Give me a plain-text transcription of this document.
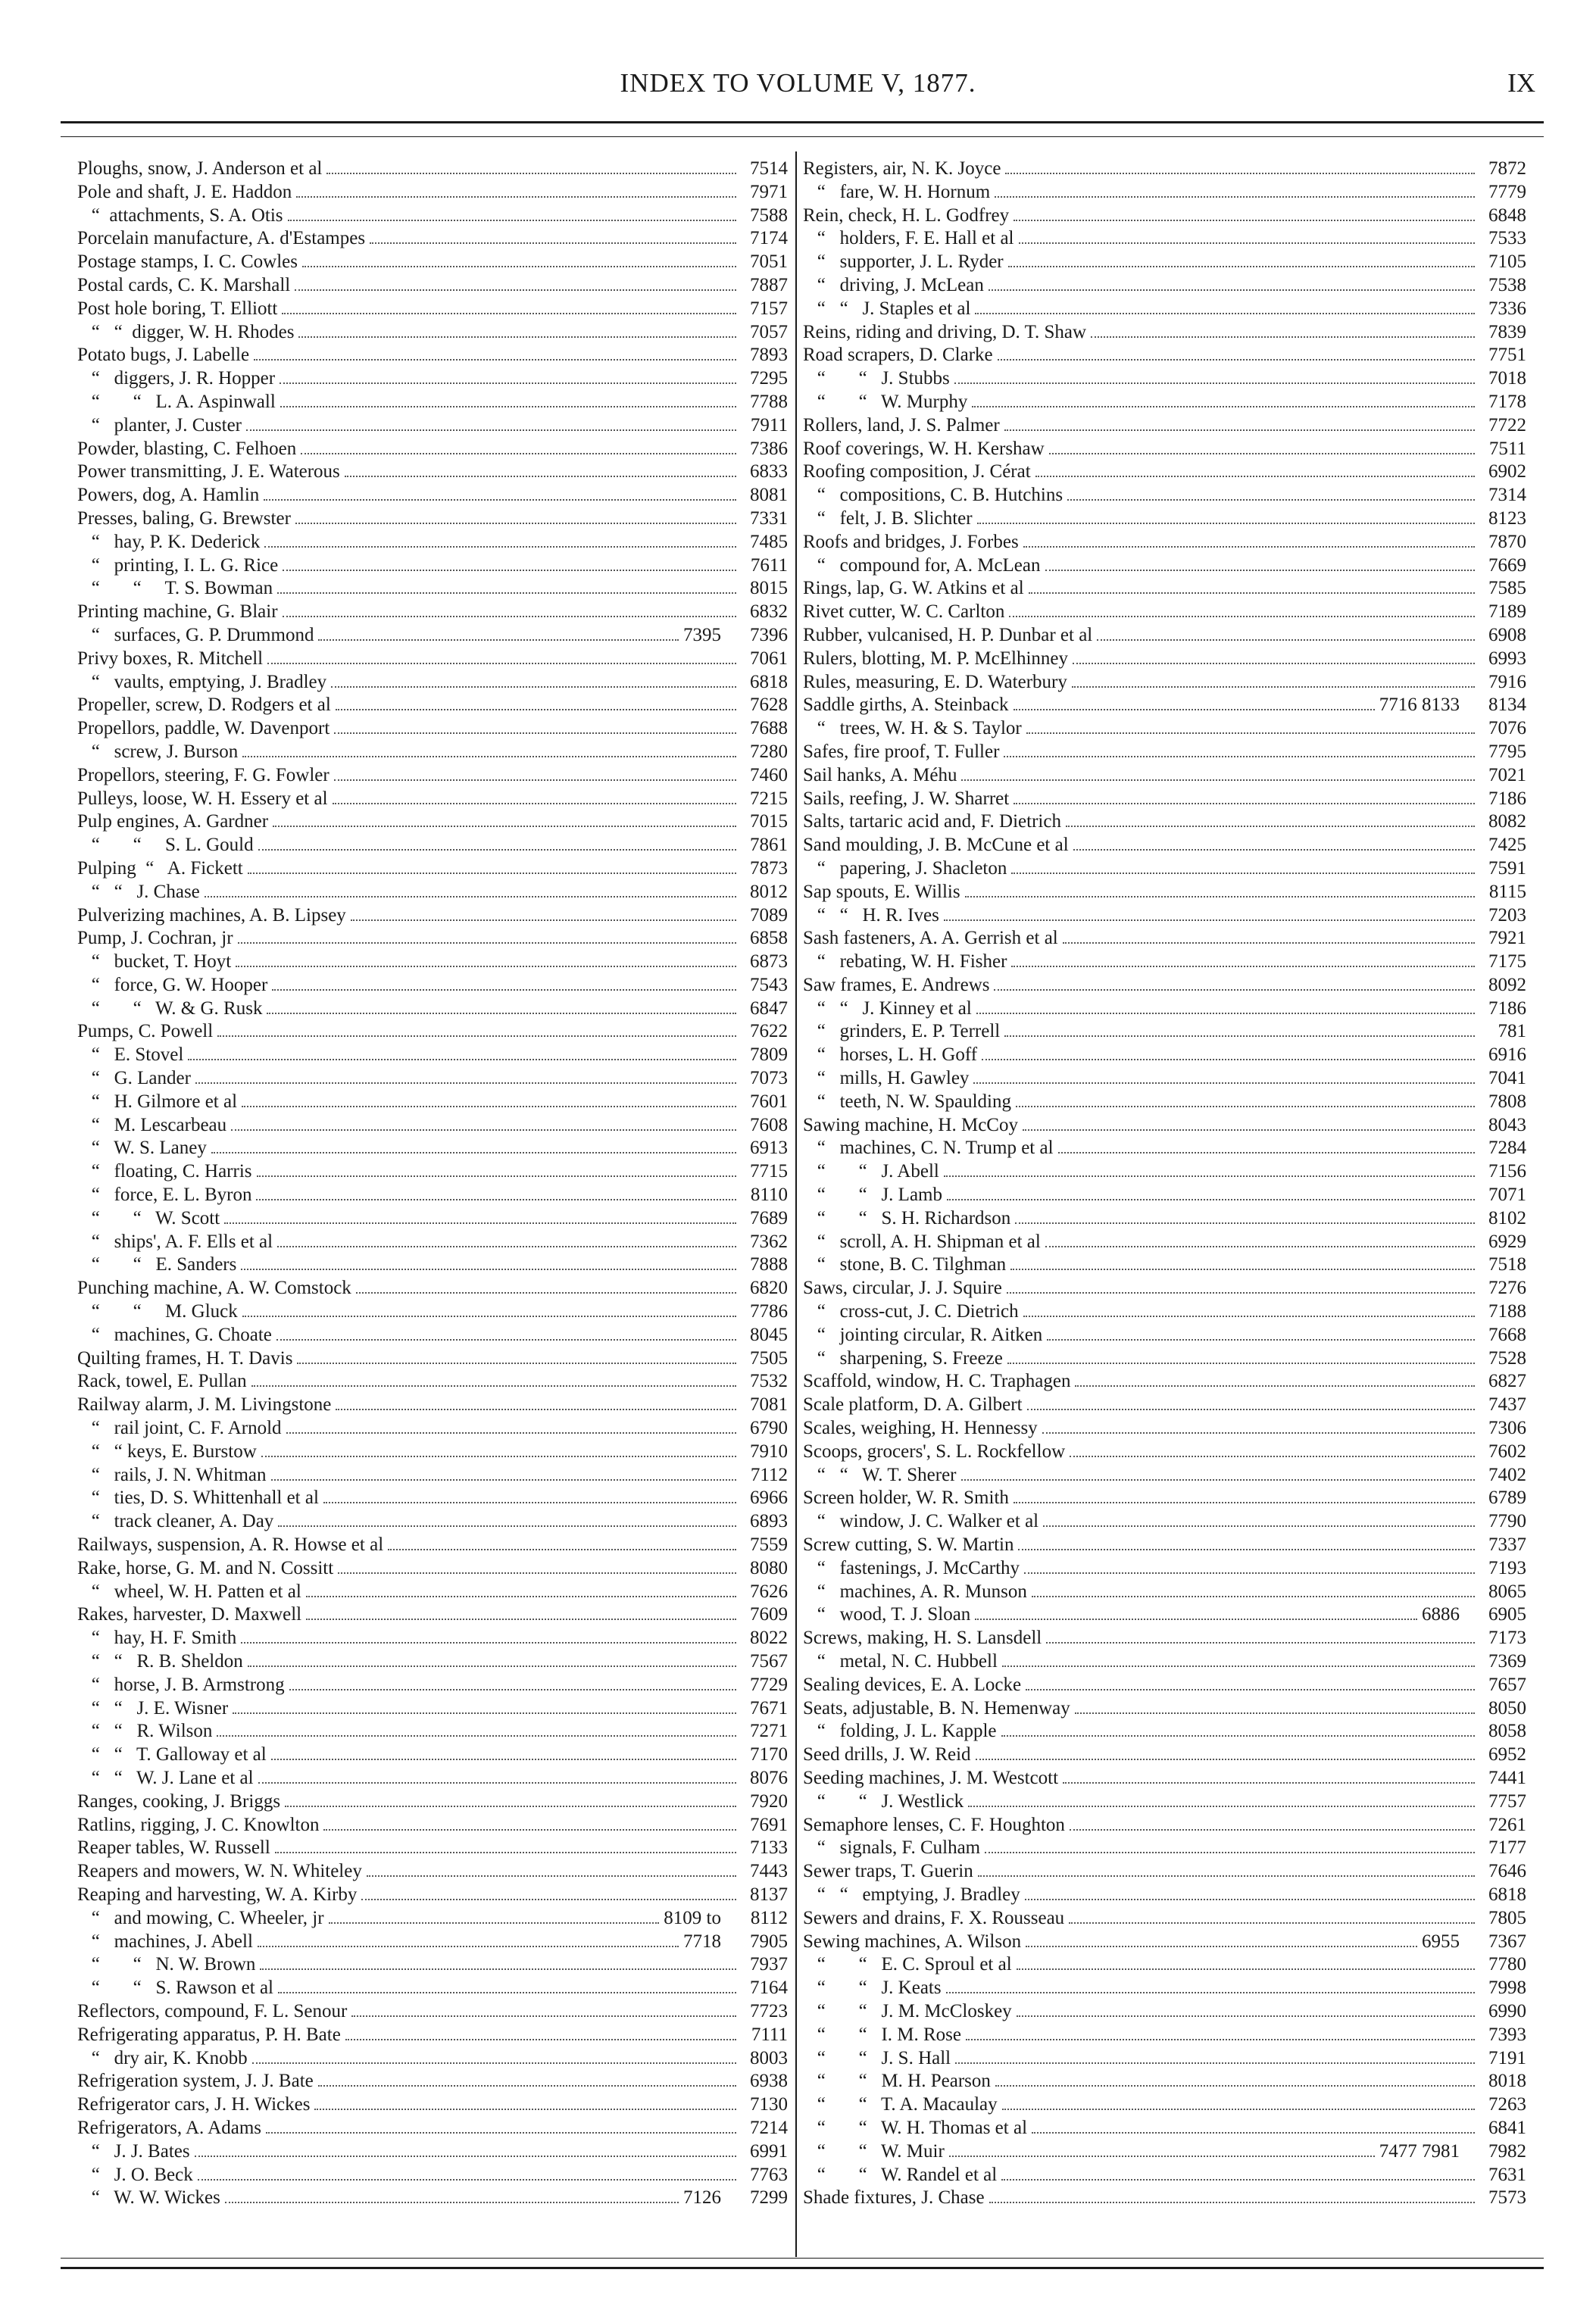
INDEX TO VOLUME V, 1877.	IX
Ploughs, snow, J. Anderson et al	7514
Pole and shaft, J. E. Haddon	7971
“  attachments, S. A. Otis	7588
Porcelain manufacture, A. d'Estampes	7174
Postage stamps, I. C. Cowles	7051
Postal cards, C. K. Marshall	7887
Post hole boring, T. Elliott	7157
“   “  digger, W. H. Rhodes	7057
Potato bugs, J. Labelle	7893
“   diggers, J. R. Hopper	7295
“       “   L. A. Aspinwall	7788
“   planter, J. Custer	7911
Powder, blasting, C. Felhoen	7386
Power transmitting, J. E. Waterous	6833
Powers, dog, A. Hamlin	8081
Presses, baling, G. Brewster	7331
“   hay, P. K. Dederick	7485
“   printing, I. L. G. Rice	7611
“       “     T. S. Bowman	8015
Printing machine, G. Blair	6832
“   surfaces, G. P. Drummond	7395	7396
Privy boxes, R. Mitchell	7061
“   vaults, emptying, J. Bradley	6818
Propeller, screw, D. Rodgers et al	7628
Propellors, paddle, W. Davenport	7688
“   screw, J. Burson	7280
Propellors, steering, F. G. Fowler	7460
Pulleys, loose, W. H. Essery et al	7215
Pulp engines, A. Gardner	7015
“       “     S. L. Gould	7861
Pulping  “   A. Fickett	7873
“   “   J. Chase	8012
Pulverizing machines, A. B. Lipsey	7089
Pump, J. Cochran, jr	6858
“   bucket, T. Hoyt	6873
“   force, G. W. Hooper	7543
“       “   W. & G. Rusk	6847
Pumps, C. Powell	7622
“   E. Stovel	7809
“   G. Lander	7073
“   H. Gilmore et al	7601
“   M. Lescarbeau	7608
“   W. S. Laney	6913
“   floating, C. Harris	7715
“   force, E. L. Byron	8110
“       “   W. Scott	7689
“   ships', A. F. Ells et al	7362
“       “   E. Sanders	7888
Punching machine, A. W. Comstock	6820
“       “     M. Gluck	7786
“   machines, G. Choate	8045
Quilting frames, H. T. Davis	7505
Rack, towel, E. Pullan	7532
Railway alarm, J. M. Livingstone	7081
“   rail joint, C. F. Arnold	6790
“   “ keys, E. Burstow	7910
“   rails, J. N. Whitman	7112
“   ties, D. S. Whittenhall et al	6966
“   track cleaner, A. Day	6893
Railways, suspension, A. R. Howse et al	7559
Rake, horse, G. M. and N. Cossitt	8080
“   wheel, W. H. Patten et al	7626
Rakes, harvester, D. Maxwell	7609
“   hay, H. F. Smith	8022
“   “   R. B. Sheldon	7567
“   horse, J. B. Armstrong	7729
“   “   J. E. Wisner	7671
“   “   R. Wilson	7271
“   “   T. Galloway et al	7170
“   “   W. J. Lane et al	8076
Ranges, cooking, J. Briggs	7920
Ratlins, rigging, J. C. Knowlton	7691
Reaper tables, W. Russell	7133
Reapers and mowers, W. N. Whiteley	7443
Reaping and harvesting, W. A. Kirby	8137
“   and mowing, C. Wheeler, jr	8109 to	8112
“   machines, J. Abell	7718	7905
“       “   N. W. Brown	7937
“       “   S. Rawson et al	7164
Reflectors, compound, F. L. Senour	7723
Refrigerating apparatus, P. H. Bate	7111
“   dry air, K. Knobb	8003
Refrigeration system, J. J. Bate	6938
Refrigerator cars, J. H. Wickes	7130
Refrigerators, A. Adams	7214
“   J. J. Bates	6991
“   J. O. Beck	7763
“   W. W. Wickes	7126	7299
Registers, air, N. K. Joyce	7872
“   fare, W. H. Hornum	7779
Rein, check, H. L. Godfrey	6848
“   holders, F. E. Hall et al	7533
“   supporter, J. L. Ryder	7105
“   driving, J. McLean	7538
“   “   J. Staples et al	7336
Reins, riding and driving, D. T. Shaw	7839
Road scrapers, D. Clarke	7751
“       “   J. Stubbs	7018
“       “   W. Murphy	7178
Rollers, land, J. S. Palmer	7722
Roof coverings, W. H. Kershaw	7511
Roofing composition, J. Cérat	6902
“   compositions, C. B. Hutchins	7314
“   felt, J. B. Slichter	8123
Roofs and bridges, J. Forbes	7870
“   compound for, A. McLean	7669
Rings, lap, G. W. Atkins et al	7585
Rivet cutter, W. C. Carlton	7189
Rubber, vulcanised, H. P. Dunbar et al	6908
Rulers, blotting, M. P. McElhinney	6993
Rules, measuring, E. D. Waterbury	7916
Saddle girths, A. Steinback	7716 8133	8134
“   trees, W. H. & S. Taylor	7076
Safes, fire proof, T. Fuller	7795
Sail hanks, A. Méhu	7021
Sails, reefing, J. W. Sharret	7186
Salts, tartaric acid and, F. Dietrich	8082
Sand moulding, J. B. McCune et al	7425
“   papering, J. Shacleton	7591
Sap spouts, E. Willis	8115
“   “   H. R. Ives	7203
Sash fasteners, A. A. Gerrish et al	7921
“   rebating, W. H. Fisher	7175
Saw frames, E. Andrews	8092
“   “   J. Kinney et al	7186
“   grinders, E. P. Terrell	781
“   horses, L. H. Goff	6916
“   mills, H. Gawley	7041
“   teeth, N. W. Spaulding	7808
Sawing machine, H. McCoy	8043
“   machines, C. N. Trump et al	7284
“       “   J. Abell	7156
“       “   J. Lamb	7071
“       “   S. H. Richardson	8102
“   scroll, A. H. Shipman et al	6929
“   stone, B. C. Tilghman	7518
Saws, circular, J. J. Squire	7276
“   cross-cut, J. C. Dietrich	7188
“   jointing circular, R. Aitken	7668
“   sharpening, S. Freeze	7528
Scaffold, window, H. C. Traphagen	6827
Scale platform, D. A. Gilbert	7437
Scales, weighing, H. Hennessy	7306
Scoops, grocers', S. L. Rockfellow	7602
“   “   W. T. Sherer	7402
Screen holder, W. R. Smith	6789
“   window, J. C. Walker et al	7790
Screw cutting, S. W. Martin	7337
“   fastenings, J. McCarthy	7193
“   machines, A. R. Munson	8065
“   wood, T. J. Sloan	6886	6905
Screws, making, H. S. Lansdell	7173
“   metal, N. C. Hubbell	7369
Sealing devices, E. A. Locke	7657
Seats, adjustable, B. N. Hemenway	8050
“   folding, J. L. Kapple	8058
Seed drills, J. W. Reid	6952
Seeding machines, J. M. Westcott	7441
“       “   J. Westlick	7757
Semaphore lenses, C. F. Houghton	7261
“   signals, F. Culham	7177
Sewer traps, T. Guerin	7646
“   “   emptying, J. Bradley	6818
Sewers and drains, F. X. Rousseau	7805
Sewing machines, A. Wilson	6955	7367
“       “   E. C. Sproul et al	7780
“       “   J. Keats	7998
“       “   J. M. McCloskey	6990
“       “   I. M. Rose	7393
“       “   J. S. Hall	7191
“       “   M. H. Pearson	8018
“       “   T. A. Macaulay	7263
“       “   W. H. Thomas et al	6841
“       “   W. Muir	7477 7981	7982
“       “   W. Randel et al	7631
Shade fixtures, J. Chase	7573
